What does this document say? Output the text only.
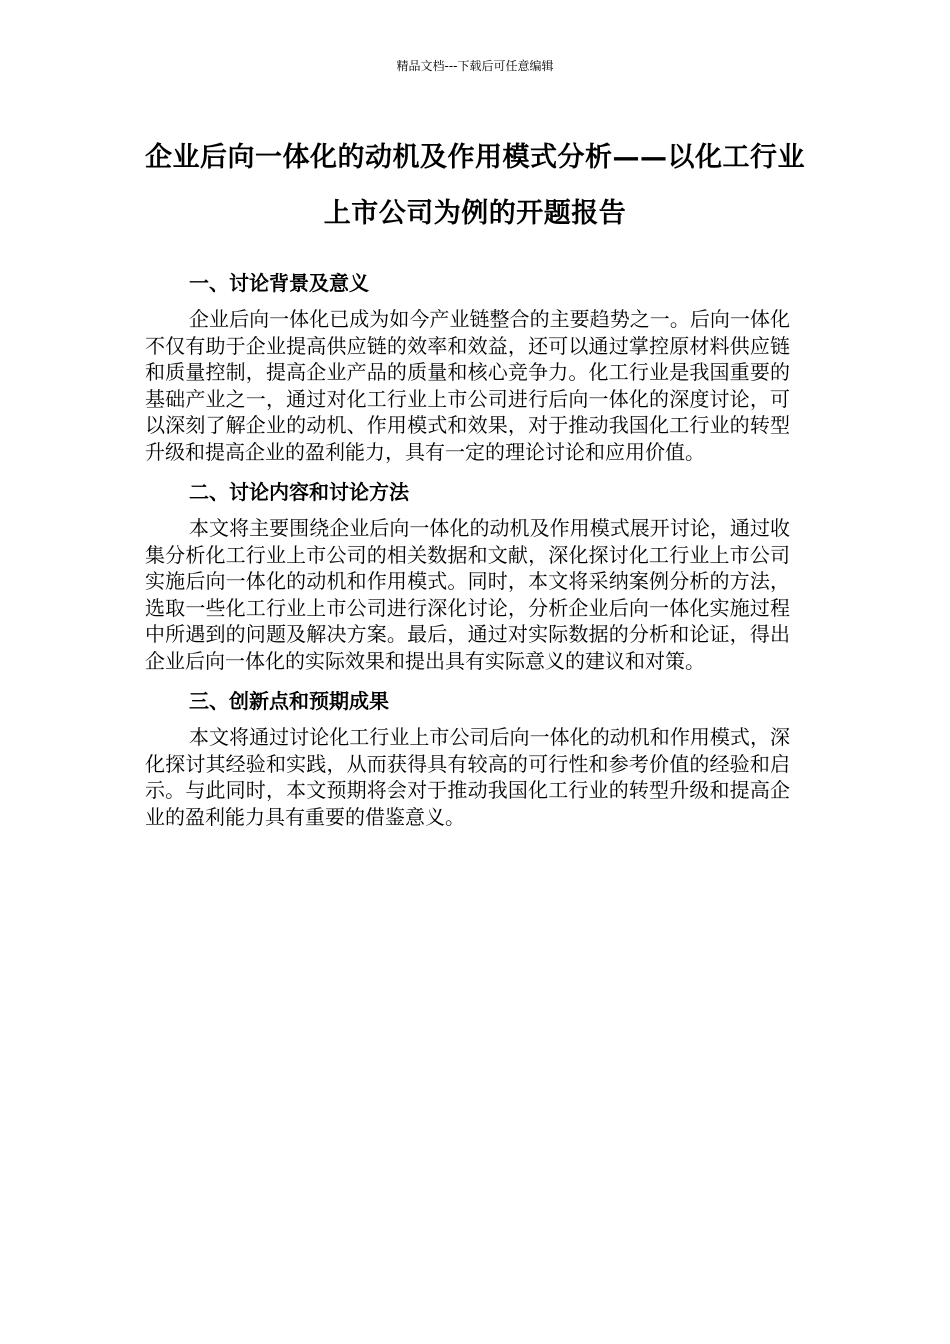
精品文档---下载后可任意编辑
企业后向一体化的动机及作用模式分析——以化工行业上市公司为例的开题报告
一、讨论背景及意义

企业后向一体化已成为如今产业链整合的主要趋势之一。后向一体化不仅有助于企业提高供应链的效率和效益，还可以通过掌控原材料供应链和质量控制，提高企业产品的质量和核心竞争力。化工行业是我国重要的基础产业之一，通过对化工行业上市公司进行后向一体化的深度讨论，可以深刻了解企业的动机、作用模式和效果，对于推动我国化工行业的转型升级和提高企业的盈利能力，具有一定的理论讨论和应用价值。

二、讨论内容和讨论方法

本文将主要围绕企业后向一体化的动机及作用模式展开讨论，通过收集分析化工行业上市公司的相关数据和文献，深化探讨化工行业上市公司实施后向一体化的动机和作用模式。同时，本文将采纳案例分析的方法，选取一些化工行业上市公司进行深化讨论，分析企业后向一体化实施过程中所遇到的问题及解决方案。最后，通过对实际数据的分析和论证，得出企业后向一体化的实际效果和提出具有实际意义的建议和对策。

三、创新点和预期成果

本文将通过讨论化工行业上市公司后向一体化的动机和作用模式，深化探讨其经验和实践，从而获得具有较高的可行性和参考价值的经验和启示。与此同时，本文预期将会对于推动我国化工行业的转型升级和提高企业的盈利能力具有重要的借鉴意义。
